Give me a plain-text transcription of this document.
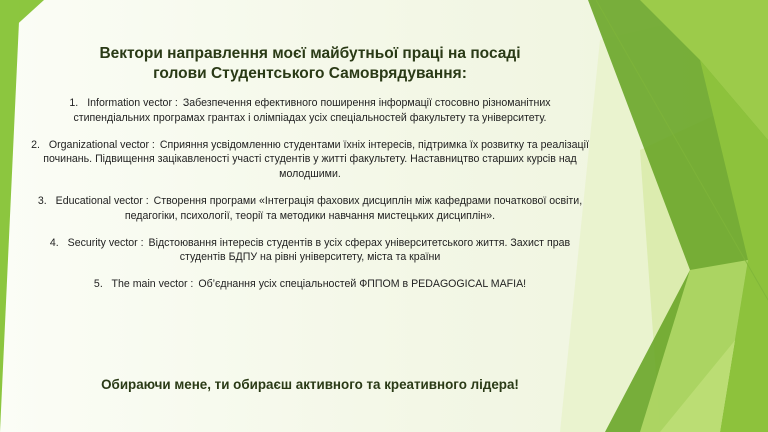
Вектори направлення моєї майбутньої праці на посаді
голови Студентського Самоврядування:
1. Information vector : Забезпечення ефективного поширення інформації стосовно різноманітних стипендіальних програмах грантах і олімпіадах усіх спеціальностей факультету та університету.
2. Organizational vector : Сприяння усвідомленню студентами їхніх інтересів, підтримка їх розвитку та реалізації починань. Підвищення зацікавленості участі студентів у житті факультету. Наставництво старших курсів над молодшими.
3. Educational vector : Створення програми «Інтеграція фахових дисциплін між кафедрами початкової освіти, педагогіки, психології, теорії та методики навчання мистецьких дисциплін».
4. Security vector : Відстоювання інтересів студентів в усіх сферах університетського життя. Захист прав студентів БДПУ на рівні університету, міста та країни
5. The main vector : Об’єднання усіх спеціальностей ФППОМ в PEDAGOGICAL MAFIA!
Обираючи мене, ти обираєш активного та креативного лідера!
